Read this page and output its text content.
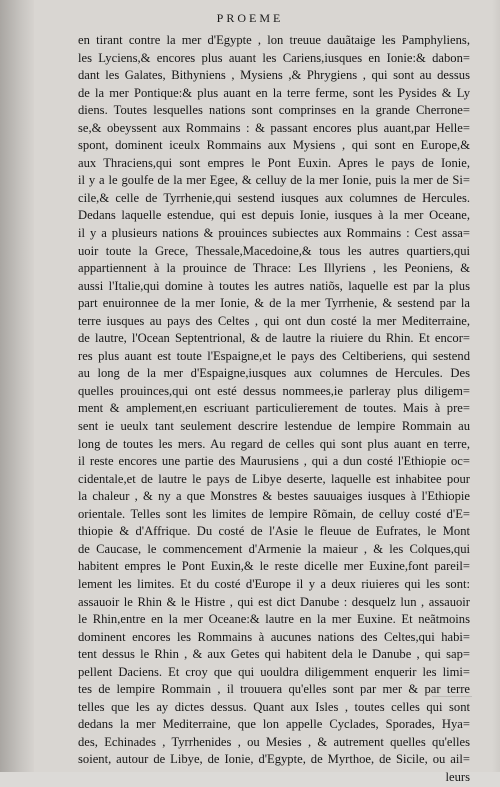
PROEME
en tirant contre la mer d'Egypte , lon treuue dauãtaige les Pamphyliens,
les Lyciens,& encores plus auant les Cariens,iusques en Ionie:& dabon=
dant les Galates, Bithyniens , Mysiens ,& Phrygiens , qui sont au dessus
de la mer Pontique:& plus auant en la terre ferme, sont les Pysides & Ly
diens. Toutes lesquelles nations sont comprinses en la grande Cherrone=
se,& obeyssent aux Rommains : & passant encores plus auant,par Helle=
spont, dominent iceulx Rommains aux Mysiens , qui sont en Europe,&
aux Thraciens,qui sont empres le Pont Euxin. Apres le pays de Ionie,
il y a le goulfe de la mer Egee, & celluy de la mer Ionie, puis la mer de Si=
cile,& celle de Tyrrhenie,qui sestend iusques aux columnes de Hercules.
Dedans laquelle estendue, qui est depuis Ionie, iusques à la mer Oceane,
il y a plusieurs nations & prouinces subiectes aux Rommains : Cest assa=
uoir toute la Grece, Thessale,Macedoine,& tous les autres quartiers,qui
appartiennent à la prouince de Thrace: Les Illyriens , les Peoniens, &
aussi l'Italie,qui domine à toutes les autres natiõs, laquelle est par la plus
part enuironnee de la mer Ionie, & de la mer Tyrrhenie, & sestend par la
terre iusques au pays des Celtes , qui ont dun costé la mer Mediterraine,
de lautre, l'Ocean Septentrional, & de lautre la riuiere du Rhin. Et encor=
res plus auant est toute l'Espaigne,et le pays des Celtiberiens, qui sestend
au long de la mer d'Espaigne,iusques aux columnes de Hercules. Des
quelles prouinces,qui ont esté dessus nommees,ie parleray plus diligem=
ment & amplement,en escriuant particulierement de toutes. Mais à pre=
sent ie ueulx tant seulement descrire lestendue de lempire Rommain au
long de toutes les mers. Au regard de celles qui sont plus auant en terre,
il reste encores une partie des Maurusiens , qui a dun costé l'Ethiopie oc=
cidentale,et de lautre le pays de Libye deserte, laquelle est inhabitee pour
la chaleur , & ny a que Monstres & bestes sauuaiges iusques à l'Ethiopie
orientale. Telles sont les limites de lempire Rõmain, de celluy costé d'E=
thiopie & d'Affrique. Du costé de l'Asie le fleuue de Eufrates, le Mont
de Caucase, le commencement d'Armenie la maieur , & les Colques,qui
habitent empres le Pont Euxin,& le reste dicelle mer Euxine,font pareil=
lement les limites. Et du costé d'Europe il y a deux riuieres qui les sont:
assauoir le Rhin & le Histre , qui est dict Danube : desquelz lun , assauoir
le Rhin,entre en la mer Oceane:& lautre en la mer Euxine. Et neãtmoins
dominent encores les Rommains à aucunes nations des Celtes,qui habi=
tent dessus le Rhin , & aux Getes qui habitent dela le Danube , qui sap=
pellent Daciens. Et croy que qui uouldra diligemment enquerir les limi=
tes de lempire Rommain , il trouuera qu'elles sont par mer & par terre
telles que les ay dictes dessus. Quant aux Isles , toutes celles qui sont
dedans la mer Mediterraine, que lon appelle Cyclades, Sporades, Hya=
des, Echinades , Tyrrhenides , ou Mesies , & autrement quelles qu'elles
soient, autour de Libye, de Ionie, d'Egypte, de Myrthoe, de Sicile, ou ail=
leurs
